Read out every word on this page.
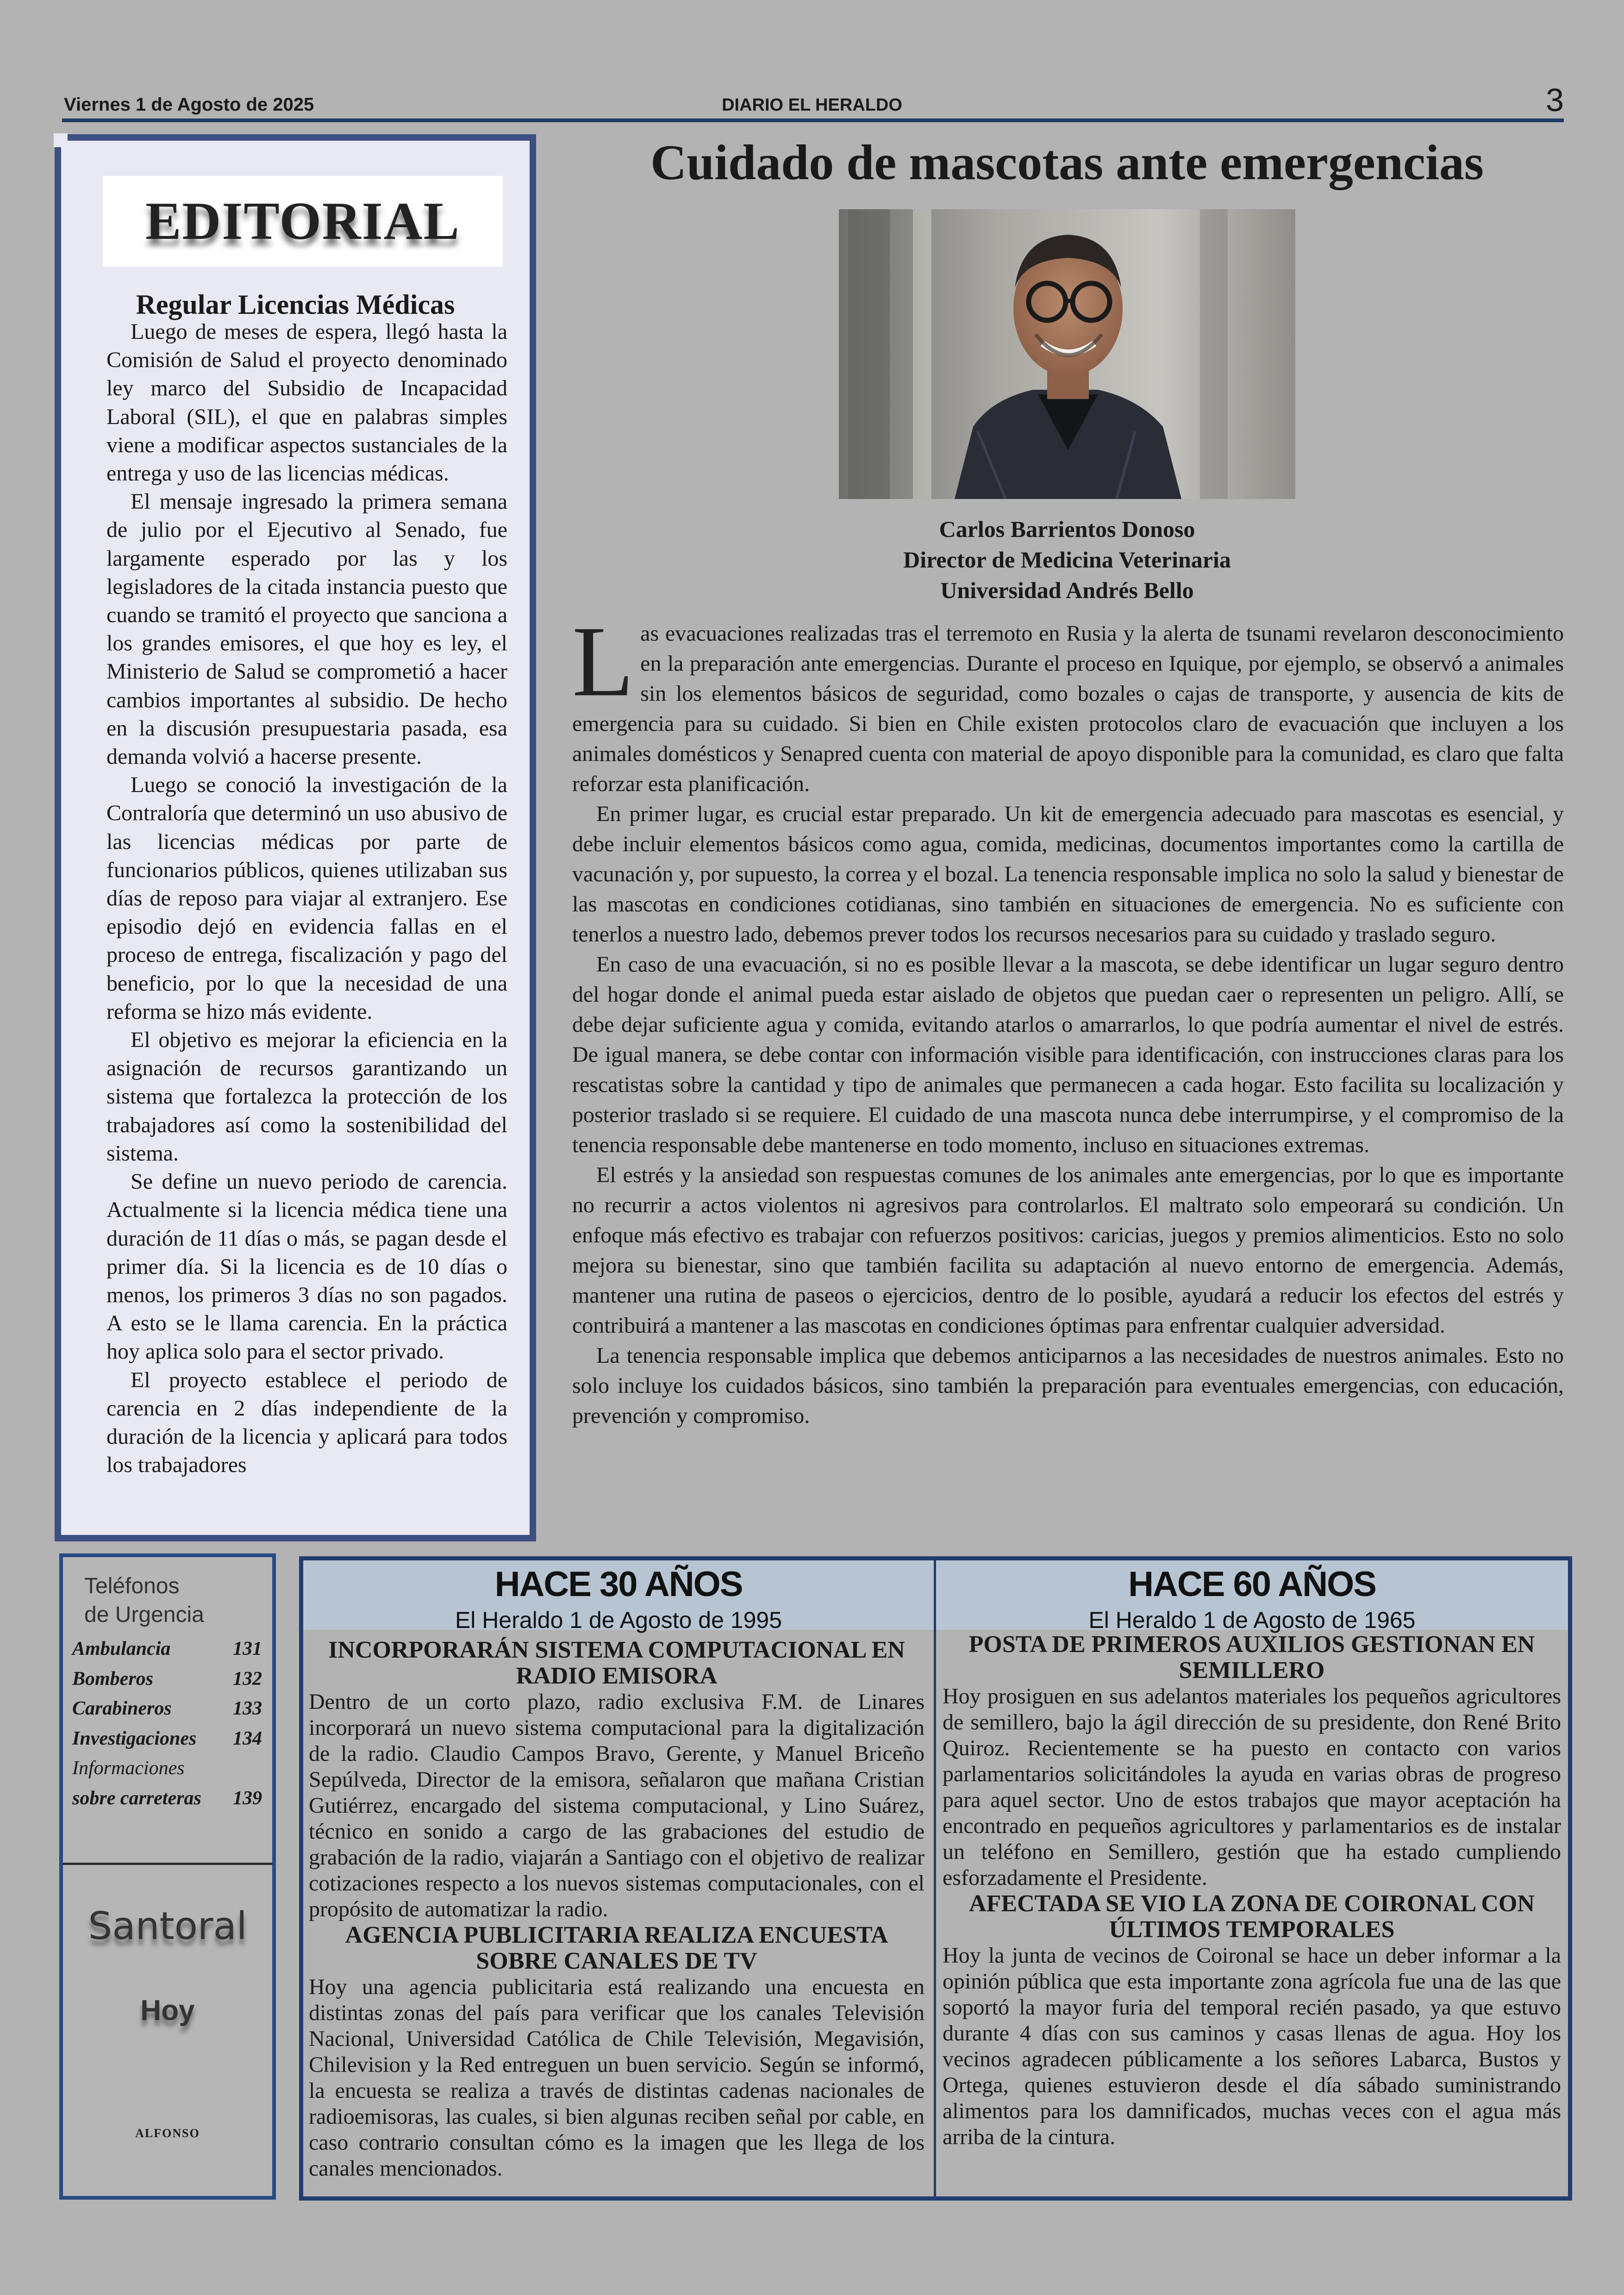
Viernes 1 de Agosto de 2025	DIARIO EL HERALDO	3
EDITORIAL
Regular Licencias Médicas

Luego de meses de espera, llegó hasta la Comisión de Salud el proyecto denominado ley marco del Subsidio de Incapacidad Laboral (SIL), el que en palabras simples viene a modificar aspectos sustanciales de la entrega y uso de las licencias médicas.

El mensaje ingresado la primera semana de julio por el Ejecutivo al Senado, fue largamente esperado por las y los legisladores de la citada instancia puesto que cuando se tramitó el proyecto que sanciona a los grandes emisores, el que hoy es ley, el Ministerio de Salud se comprometió a hacer cambios importantes al subsidio. De hecho en la discusión presupuestaria pasada, esa demanda volvió a hacerse presente.

Luego se conoció la investigación de la Contraloría que determinó un uso abusivo de las licencias médicas por parte de funcionarios públicos, quienes utilizaban sus días de reposo para viajar al extranjero. Ese episodio dejó en evidencia fallas en el proceso de entrega, fiscalización y pago del beneficio, por lo que la necesidad de una reforma se hizo más evidente.

El objetivo es mejorar la eficiencia en la asignación de recursos garantizando un sistema que fortalezca la protección de los trabajadores así como la sostenibilidad del sistema.

Se define un nuevo periodo de carencia. Actualmente si la licencia médica tiene una duración de 11 días o más, se pagan desde el primer día. Si la licencia es de 10 días o menos, los primeros 3 días no son pagados. A esto se le llama carencia. En la práctica hoy aplica solo para el sector privado.

El proyecto establece el periodo de carencia en 2 días independiente de la duración de la licencia y aplicará para todos los trabajadores

Cuidado de mascotas ante emergencias
Carlos Barrientos Donoso
Director de Medicina Veterinaria
Universidad Andrés Bello

Las evacuaciones realizadas tras el terremoto en Rusia y la alerta de tsunami revelaron desconocimiento en la preparación ante emergencias. Durante el proceso en Iquique, por ejemplo, se observó a animales sin los elementos básicos de seguridad, como bozales o cajas de transporte, y ausencia de kits de emergencia para su cuidado. Si bien en Chile existen protocolos claro de evacuación que incluyen a los animales domésticos y Senapred cuenta con material de apoyo disponible para la comunidad, es claro que falta reforzar esta planificación.

En primer lugar, es crucial estar preparado. Un kit de emergencia adecuado para mascotas es esencial, y debe incluir elementos básicos como agua, comida, medicinas, documentos importantes como la cartilla de vacunación y, por supuesto, la correa y el bozal. La tenencia responsable implica no solo la salud y bienestar de las mascotas en condiciones cotidianas, sino también en situaciones de emergencia. No es suficiente con tenerlos a nuestro lado, debemos prever todos los recursos necesarios para su cuidado y traslado seguro.

En caso de una evacuación, si no es posible llevar a la mascota, se debe identificar un lugar seguro dentro del hogar donde el animal pueda estar aislado de objetos que puedan caer o representen un peligro. Allí, se debe dejar suficiente agua y comida, evitando atarlos o amarrarlos, lo que podría aumentar el nivel de estrés. De igual manera, se debe contar con información visible para identificación, con instrucciones claras para los rescatistas sobre la cantidad y tipo de animales que permanecen a cada hogar. Esto facilita su localización y posterior traslado si se requiere. El cuidado de una mascota nunca debe interrumpirse, y el compromiso de la tenencia responsable debe mantenerse en todo momento, incluso en situaciones extremas.

El estrés y la ansiedad son respuestas comunes de los animales ante emergencias, por lo que es importante no recurrir a actos violentos ni agresivos para controlarlos. El maltrato solo empeorará su condición. Un enfoque más efectivo es trabajar con refuerzos positivos: caricias, juegos y premios alimenticios. Esto no solo mejora su bienestar, sino que también facilita su adaptación al nuevo entorno de emergencia. Además, mantener una rutina de paseos o ejercicios, dentro de lo posible, ayudará a reducir los efectos del estrés y contribuirá a mantener a las mascotas en condiciones óptimas para enfrentar cualquier adversidad.

La tenencia responsable implica que debemos anticiparnos a las necesidades de nuestros animales. Esto no solo incluye los cuidados básicos, sino también la preparación para eventuales emergencias, con educación, prevención y compromiso.

Teléfonos
de Urgencia
Ambulancia	131
Bomberos	132
Carabineros	133
Investigaciones 134
Informaciones
sobre carreteras 139
Santoral
Hoy
ALFONSO
HACE 30 AÑOS
El Heraldo 1 de Agosto de 1995
HACE 60 AÑOS
El Heraldo 1 de Agosto de 1965
INCORPORARÁN SISTEMA COMPUTACIONAL EN RADIO EMISORA

Dentro de un corto plazo, radio exclusiva F.M. de Linares incorporará un nuevo sistema computacional para la digitalización de la radio. Claudio Campos Bravo, Gerente, y Manuel Briceño Sepúlveda, Director de la emisora, señalaron que mañana Cristian Gutiérrez, encargado del sistema computacional, y Lino Suárez, técnico en sonido a cargo de las grabaciones del estudio de grabación de la radio, viajarán a Santiago con el objetivo de realizar cotizaciones respecto a los nuevos sistemas computacionales, con el propósito de automatizar la radio.

AGENCIA PUBLICITARIA REALIZA ENCUESTA SOBRE CANALES DE TV

Hoy una agencia publicitaria está realizando una encuesta en distintas zonas del país para verificar que los canales Televisión Nacional, Universidad Católica de Chile Televisión, Megavisión, Chilevision y la Red entreguen un buen servicio. Según se informó, la encuesta se realiza a través de distintas cadenas nacionales de radioemisoras, las cuales, si bien algunas reciben señal por cable, en caso contrario consultan cómo es la imagen que les llega de los canales mencionados.

POSTA DE PRIMEROS AUXILIOS GESTIONAN EN SEMILLERO

Hoy prosiguen en sus adelantos materiales los pequeños agricultores de semillero, bajo la ágil dirección de su presidente, don René Brito Quiroz. Recientemente se ha puesto en contacto con varios parlamentarios solicitándoles la ayuda en varias obras de progreso para aquel sector. Uno de estos trabajos que mayor aceptación ha encontrado en pequeños agricultores y parlamentarios es de instalar un teléfono en Semillero, gestión que ha estado cumpliendo esforzadamente el Presidente.

AFECTADA SE VIO LA ZONA DE COIRONAL CON ÚLTIMOS TEMPORALES

Hoy la junta de vecinos de Coironal se hace un deber informar a la opinión pública que esta importante zona agrícola fue una de las que soportó la mayor furia del temporal recién pasado, ya que estuvo durante 4 días con sus caminos y casas llenas de agua. Hoy los vecinos agradecen públicamente a los señores Labarca, Bustos y Ortega, quienes estuvieron desde el día sábado suministrando alimentos para los damnificados, muchas veces con el agua más arriba de la cintura.
